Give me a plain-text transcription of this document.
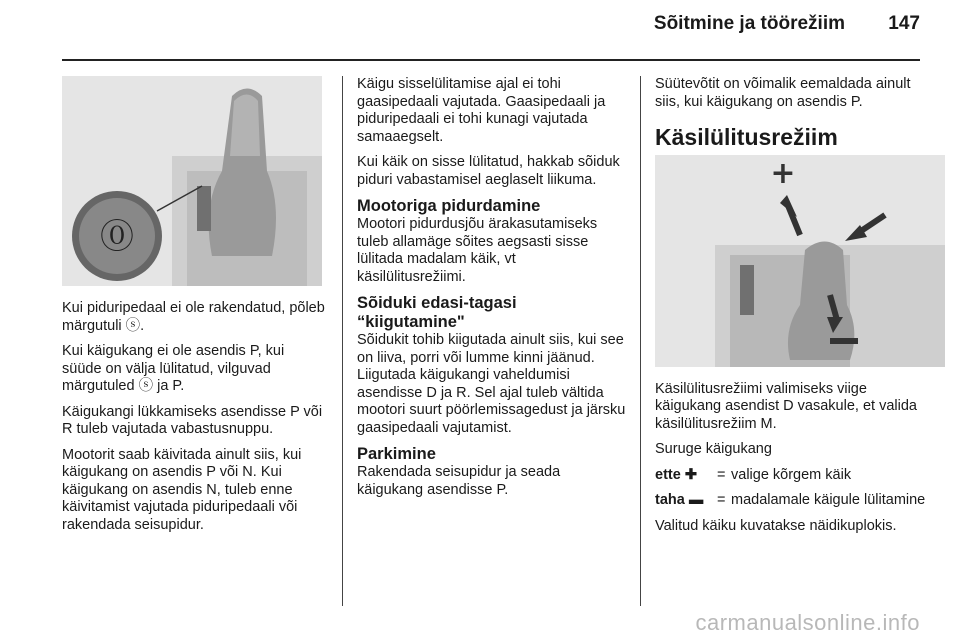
Sõitmine ja töörežiim 147
⓪

Kui piduripedaal ei ole rakendatud, põleb märgutuli ⓢ.

Kui käigukang ei ole asendis P, kui süüde on välja lülitatud, vilguvad märgutuled ⓢ ja P.

Käigukangi lükkamiseks asendisse P või R tuleb vajutada vabastusnuppu.

Mootorit saab käivitada ainult siis, kui käigukang on asendis P või N. Kui käigukang on asendis N, tuleb enne käivitamist vajutada piduripedaali või rakendada seisupidur.

Käigu sisselülitamise ajal ei tohi gaasipedaali vajutada. Gaasipedaali ja piduripedaali ei tohi kunagi vajutada samaaegselt.

Kui käik on sisse lülitatud, hakkab sõiduk piduri vabastamisel aeglaselt liikuma.

Mootoriga pidurdamine

Mootori pidurdusjõu ärakasutamiseks tuleb allamäge sõites aegsasti sisse lülitada madalam käik, vt käsilülitusrežiimi.

Sõiduki edasi-tagasi “kiigutamine"

Sõidukit tohib kiigutada ainult siis, kui see on liiva, porri või lumme kinni jäänud. Liigutada käigukangi vaheldumisi asendisse D ja R. Sel ajal tuleb vältida mootori suurt pöörlemissagedust ja järsku gaasipedaali vajutamist.

Parkimine

Rakendada seisupidur ja seada käigukang asendisse P.

Süütevõtit on võimalik eemaldada ainult siis, kui käigukang on asendis P.

Käsilülitusrežiim
+

Käsilülitusrežiimi valimiseks viige käigukang asendist D vasakule, et valida käsilülitusrežiim M.

Suruge käigukang

ette ✚	= valige kõrgem käik
taha ▬ = madalamale käigule lülitamine

Valitud käiku kuvatakse näidikuplokis.

carmanualsonline.info
